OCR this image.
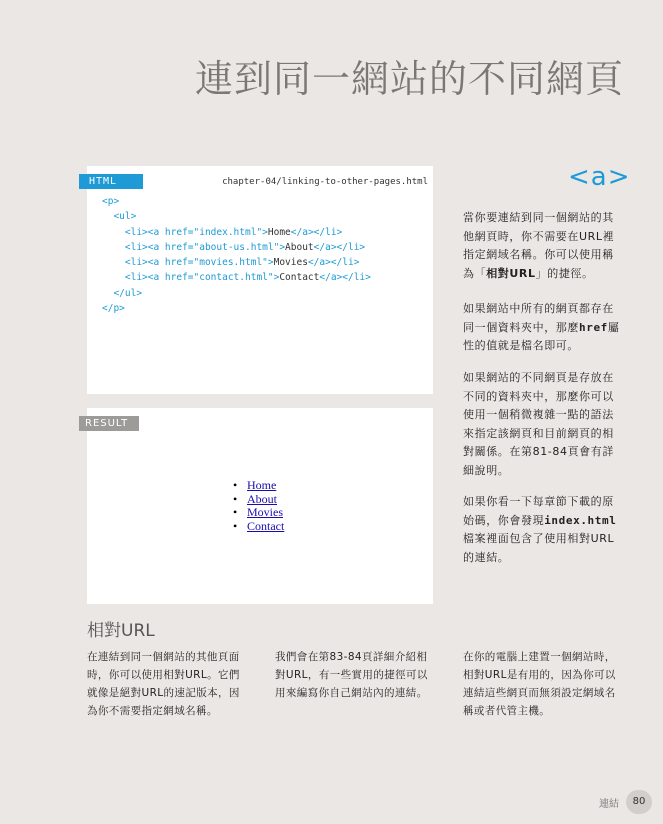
連到同一網站的不同網頁
HTML	chapter-04/linking-to-other-pages.html
<p>
<ul>
<li><a href="index.html">Home</a></li>
<li><a href="about-us.html">About</a></li>
<li><a href="movies.html">Movies</a></li>
<li><a href="contact.html">Contact</a></li>
</ul>
</p>
RESULT
• Home
• About
• Movies
• Contact
<a>
當你要連結到同一個網站的其他網頁時，你不需要在URL裡指定網域名稱。你可以使用稱為「相對URL」的捷徑。
如果網站中所有的網頁都存在同一個資料夾中，那麼href屬性的值就是檔名即可。
如果網站的不同網頁是存放在不同的資料夾中，那麼你可以使用一個稍微複雜一點的語法來指定該網頁和目前網頁的相對關係。在第81-84頁會有詳細說明。
如果你看一下每章節下載的原始碼，你會發現index.html檔案裡面包含了使用相對URL的連結。
相對URL
在連結到同一個網站的其他頁面時，你可以使用相對URL。它們就像是絕對URL的速記版本，因為你不需要指定網域名稱。
我們會在第83-84頁詳細介紹相對URL，有一些實用的捷徑可以用來編寫你自己網站內的連結。
在你的電腦上建置一個網站時，相對URL是有用的，因為你可以連結這些網頁而無須設定網域名稱或者代管主機。
連結	80
